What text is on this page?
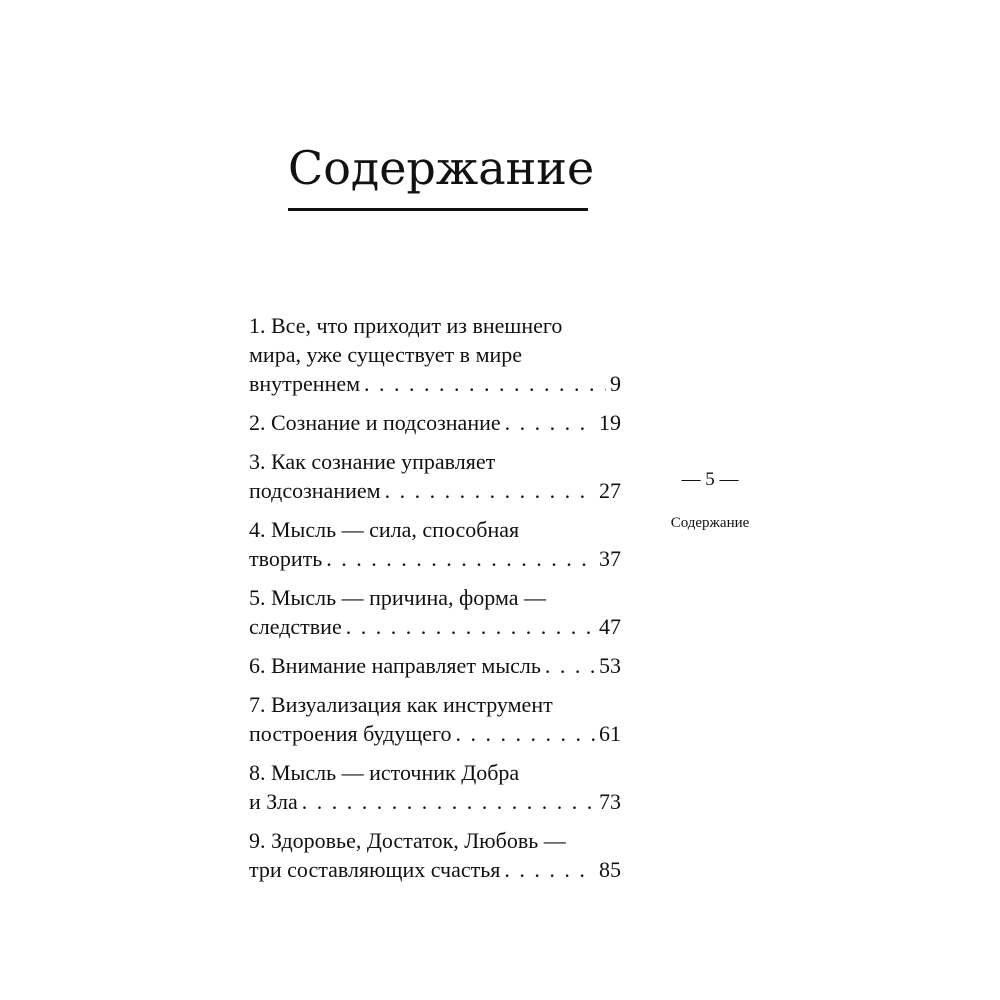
Содержание
1. Все, что приходит из внешнего
мира, уже существует в мире
внутреннем . . .	9
2. Сознание и подсознание . . .	19
3. Как сознание управляет
подсознанием . . .	27
4. Мысль — сила, способная
творить . . .	37
5. Мысль — причина, форма —
следствие . . .	47
6. Внимание направляет мысль . . .	53
7. Визуализация как инструмент
построения будущего . . .	61
8. Мысль — источник Добра
и Зла . . .	73
9. Здоровье, Достаток, Любовь —
три составляющих счастья . . .	85
— 5 —
Содержание
